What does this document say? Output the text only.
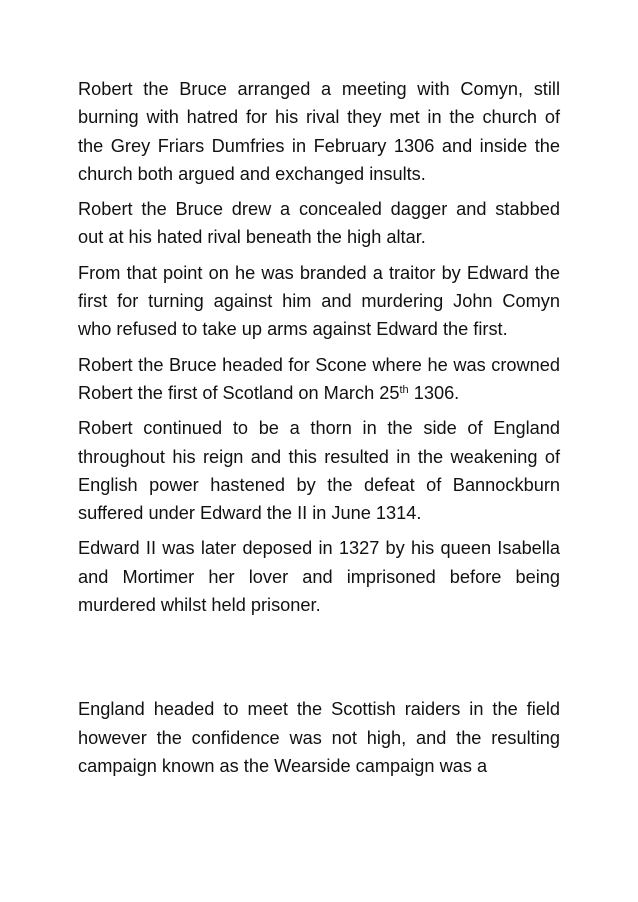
Robert the Bruce arranged a meeting with Comyn, still burning with hatred for his rival they met in the church of the Grey Friars Dumfries in February 1306 and inside the church both argued and exchanged insults.

Robert the Bruce drew a concealed dagger and stabbed out at his hated rival beneath the high altar.

From that point on he was branded a traitor by Edward the first for turning against him and murdering John Comyn who refused to take up arms against Edward the first.

Robert the Bruce headed for Scone where he was crowned Robert the first of Scotland on March 25th 1306.

Robert continued to be a thorn in the side of England throughout his reign and this resulted in the weakening of English power hastened by the defeat of Bannockburn suffered under Edward the II in June 1314.

Edward II was later deposed in 1327 by his queen Isabella and Mortimer her lover and imprisoned before being murdered whilst held prisoner.

England headed to meet the Scottish raiders in the field however the confidence was not high, and the resulting campaign known as the Wearside campaign was a
